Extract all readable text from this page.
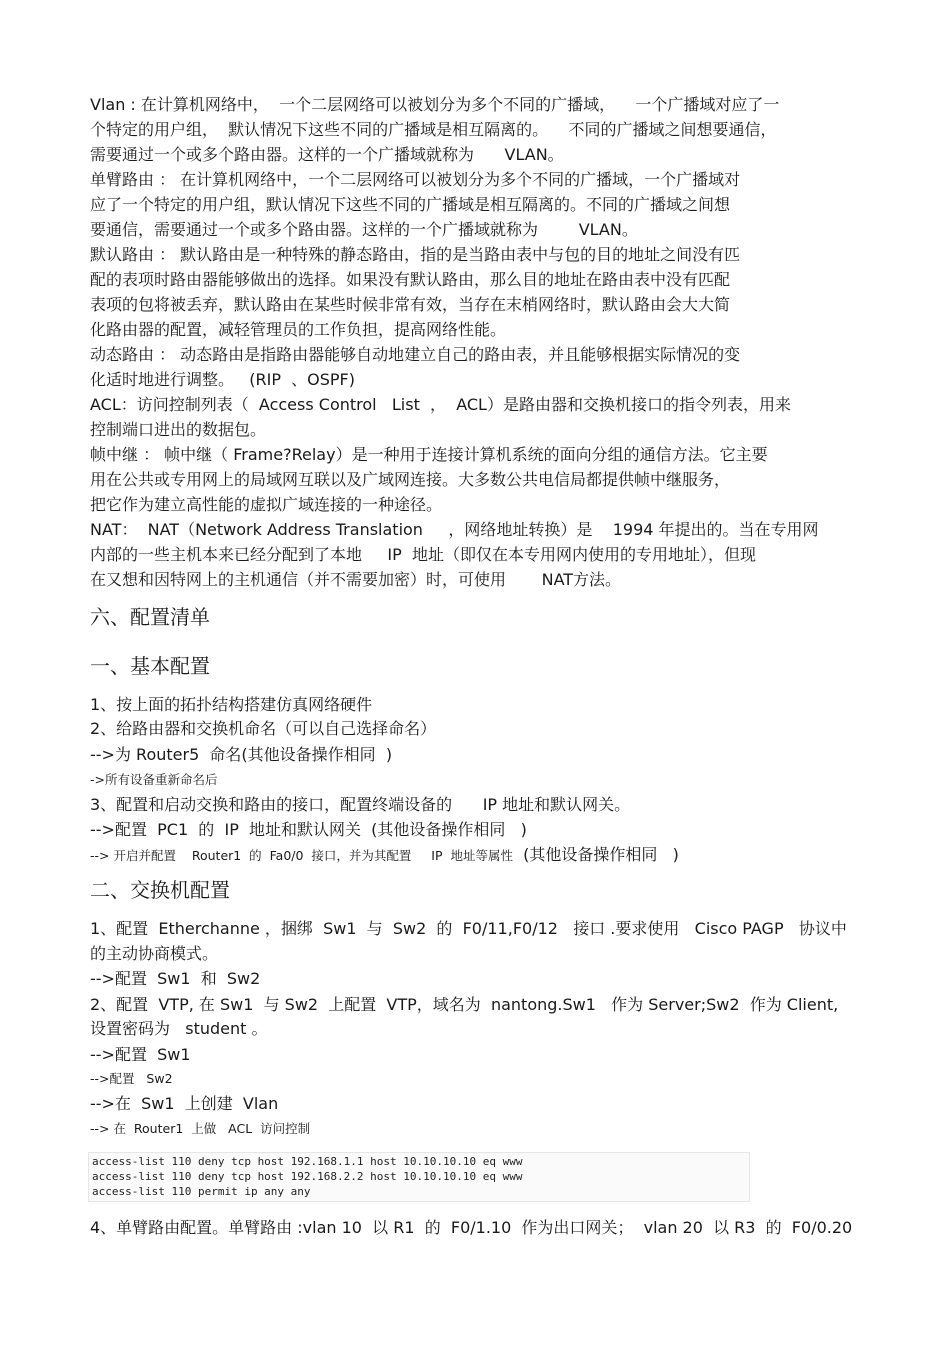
Vlan : 在计算机网络中，  一个二层网络可以被划分为多个不同的广播域，    一个广播域对应了一
个特定的用户组，  默认情况下这些不同的广播域是相互隔离的。    不同的广播域之间想要通信，
需要通过一个或多个路由器。这样的一个广播域就称为      VLAN。
单臂路由 ： 在计算机网络中，一个二层网络可以被划分为多个不同的广播域，一个广播域对
应了一个特定的用户组，默认情况下这些不同的广播域是相互隔离的。不同的广播域之间想
要通信，需要通过一个或多个路由器。这样的一个广播域就称为        VLAN。
默认路由 ： 默认路由是一种特殊的静态路由，指的是当路由表中与包的目的地址之间没有匹
配的表项时路由器能够做出的选择。如果没有默认路由，那么目的地址在路由表中没有匹配
表项的包将被丢弃，默认路由在某些时候非常有效，当存在末梢网络时，默认路由会大大简
化路由器的配置，减轻管理员的工作负担，提高网络性能。
动态路由 ： 动态路由是指路由器能够自动地建立自己的路由表，并且能够根据实际情况的变
化适时地进行调整。   (RIP  、OSPF)
ACL：访问控制列表（  Access Control   List  ，  ACL）是路由器和交换机接口的指令列表，用来
控制端口进出的数据包。
帧中继 ： 帧中继（ Frame?Relay）是一种用于连接计算机系统的面向分组的通信方法。它主要
用在公共或专用网上的局域网互联以及广域网连接。大多数公共电信局都提供帧中继服务，
把它作为建立高性能的虚拟广域连接的一种途径。
NAT：  NAT（Network Address Translation     ，网络地址转换）是    1994 年提出的。当在专用网
内部的一些主机本来已经分配到了本地     IP  地址（即仅在本专用网内使用的专用地址），但现
在又想和因特网上的主机通信（并不需要加密）时，可使用       NAT方法。
六、配置清单
一、基本配置
1、按上面的拓扑结构搭建仿真网络硬件
2、给路由器和交换机命名（可以自己选择命名）
-->为 Router5  命名(其他设备操作相同  )
->所有设备重新命名后
3、配置和启动交换和路由的接口，配置终端设备的      IP 地址和默认网关。
-->配置  PC1  的  IP  地址和默认网关  (其他设备操作相同   )
--> 开启并配置    Router1  的  Fa0/0  接口，并为其配置     IP  地址等属性 (其他设备操作相同   )
二、交换机配置
1、配置  Etherchanne ，捆绑  Sw1  与  Sw2  的  F0/11,F0/12   接口 .要求使用   Cisco PAGP   协议中
的主动协商模式。
-->配置  Sw1  和  Sw2
2、配置  VTP, 在 Sw1  与 Sw2  上配置  VTP，域名为  nantong.Sw1   作为 Server;Sw2  作为 Client,
设置密码为   student 。
-->配置  Sw1
-->配置   Sw2
-->在  Sw1  上创建  Vlan
--> 在  Router1  上做   ACL  访问控制
access-list 110 deny tcp host 192.168.1.1 host 10.10.10.10 eq www
access-list 110 deny tcp host 192.168.2.2 host 10.10.10.10 eq www
access-list 110 permit ip any any
4、单臂路由配置。单臂路由 :vlan 10  以 R1  的  F0/1.10  作为出口网关；  vlan 20  以 R3  的  F0/0.20
